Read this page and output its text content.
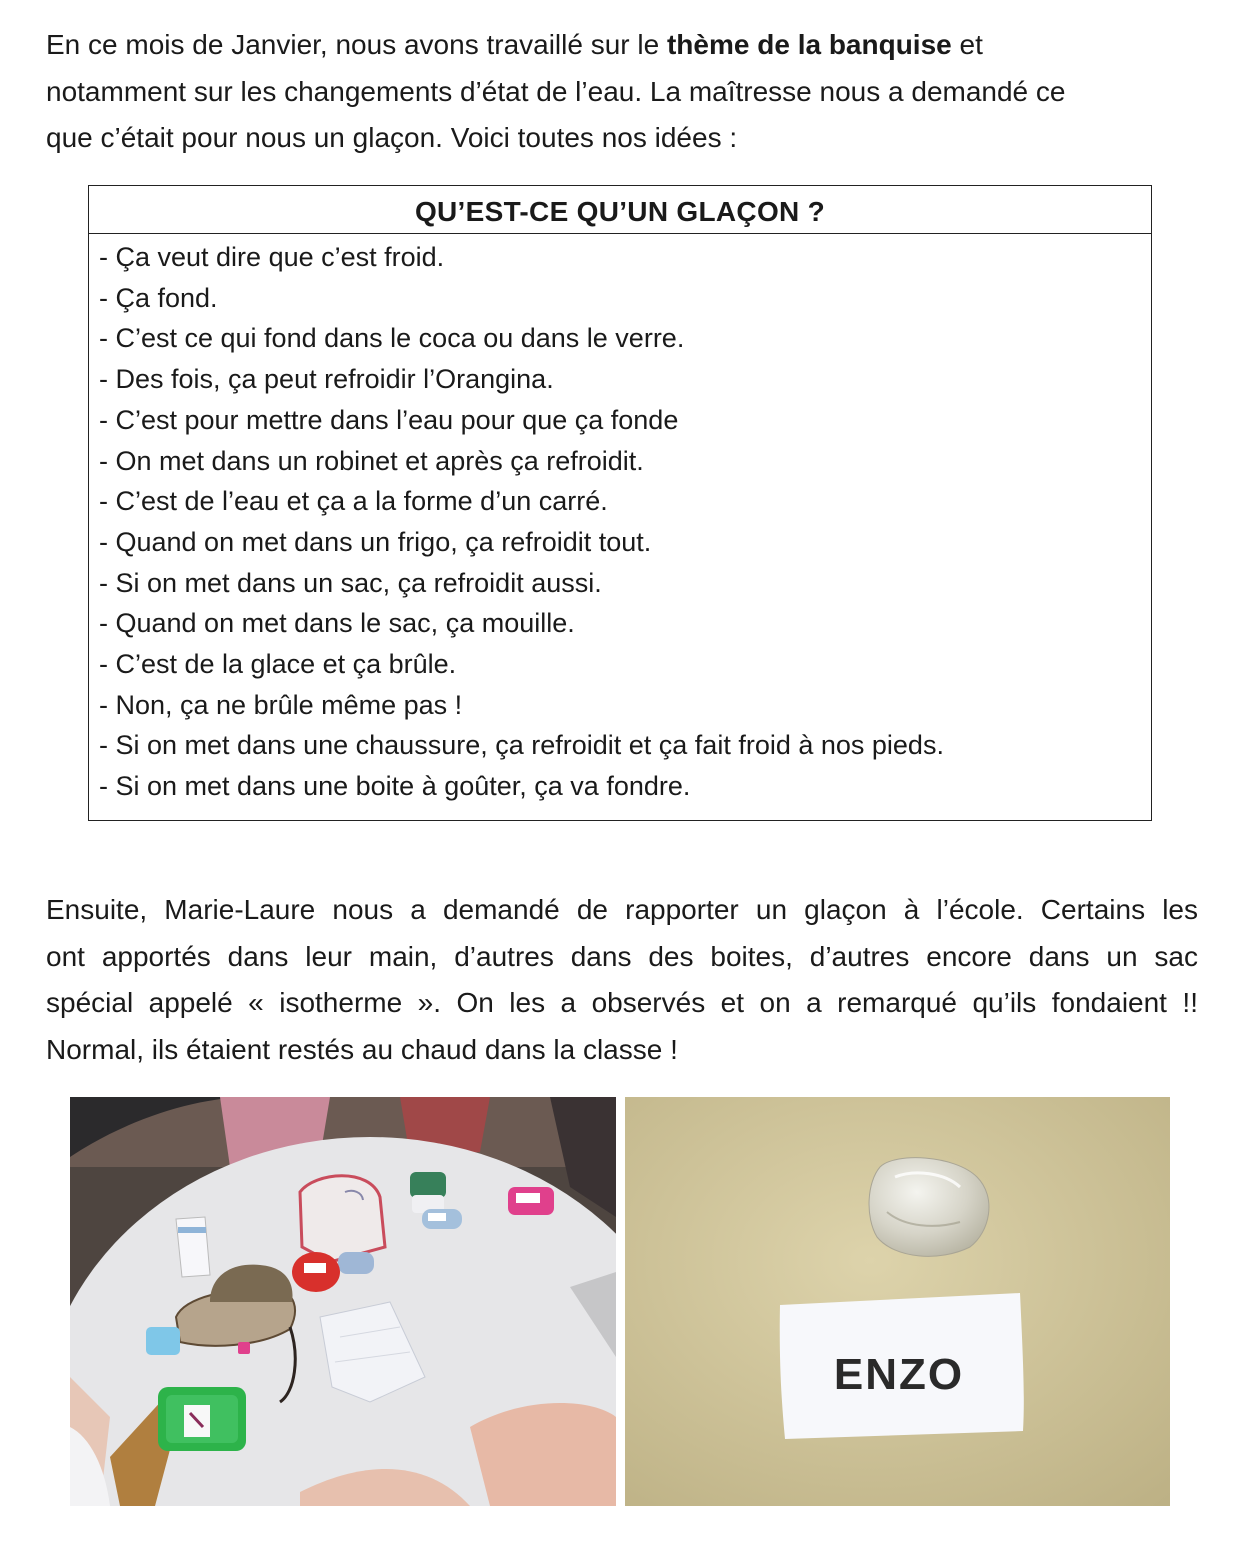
En ce mois de Janvier, nous avons travaillé sur le thème de la banquise et
notamment sur les changements d’état de l’eau. La maîtresse nous a demandé ce
que c’était pour nous un glaçon. Voici toutes nos idées :
QU’EST-CE QU’UN GLAÇON ?
- Ça veut dire que c’est froid.
- Ça fond.
- C’est ce qui fond dans le coca ou dans le verre.
- Des fois, ça peut refroidir l’Orangina.
- C’est pour mettre dans l’eau pour que ça fonde
- On met dans un robinet et après ça refroidit.
- C’est de l’eau et ça a la forme d’un carré.
- Quand on met dans un frigo, ça refroidit tout.
- Si on met dans un sac, ça refroidit aussi.
- Quand on met dans le sac, ça mouille.
- C’est de la glace et ça brûle.
- Non, ça ne brûle même pas !
- Si on met dans une chaussure, ça refroidit et ça fait froid à nos pieds.
- Si on met dans une boite à goûter, ça va fondre.
Ensuite, Marie-Laure nous a demandé de rapporter un glaçon à l’école. Certains les
ont apportés dans leur main, d’autres dans des boites, d’autres encore dans un sac
spécial appelé « isotherme ». On les a observés et on a remarqué qu’ils fondaient !!
Normal, ils étaient restés au chaud dans la classe !
ENZO
